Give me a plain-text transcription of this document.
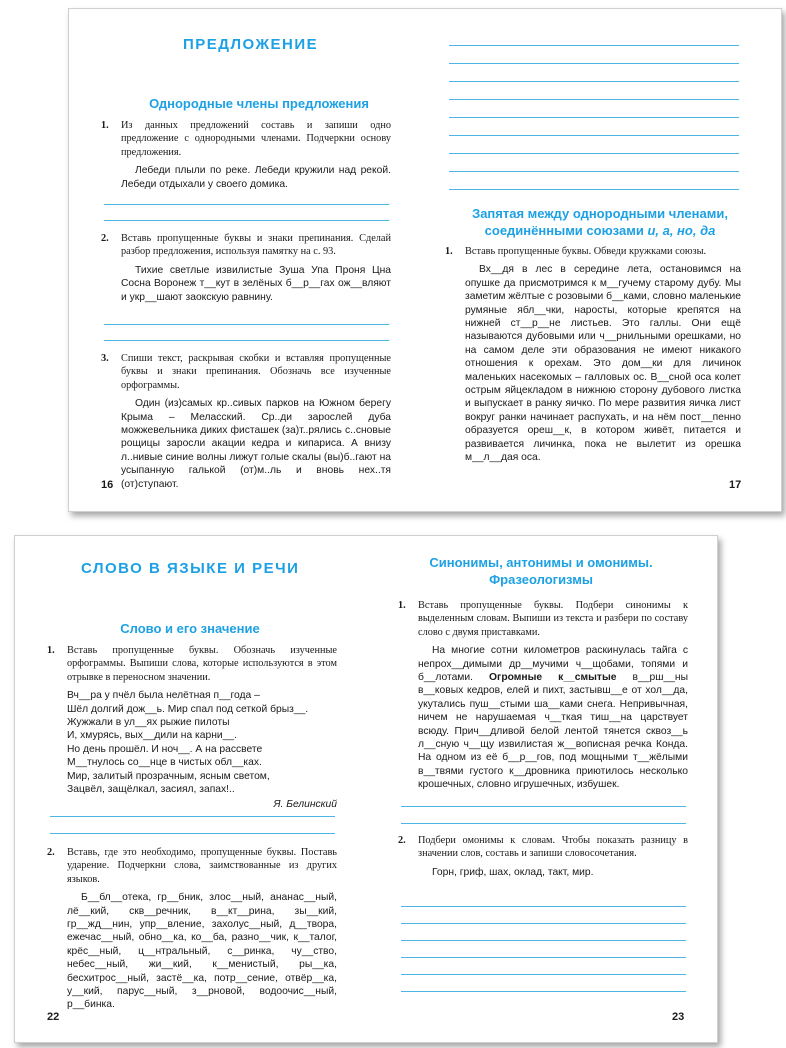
ПРЕДЛОЖЕНИЕ
Однородные члены предложения
1. Из данных предложений составь и запиши одно предложение с однородными членами. Подчеркни основу предложения.

Лебеди плыли по реке. Лебеди кружили над рекой. Лебеди отдыхали у своего домика.

2. Вставь пропущенные буквы и знаки препинания. Сделай разбор предложения, используя памятку на с. 93.

Тихие светлые извилистые Зуша Упа Проня Цна Сосна Воронеж т__кут в зелёных б__р__гах ож__вляют и укр__шают заокскую равнину.

3. Спиши текст, раскрывая скобки и вставляя пропущенные буквы и знаки препинания. Обозначь все изученные орфограммы.

Один (из)самых кр..сивых парков на Южном берегу Крыма – Меласский. Ср..ди зарослей дуба можжевельника диких фисташек (за)т..рялись с..сновые рощицы заросли акации кедра и кипариса. А внизу л..нивые синие волны лижут голые скалы (вы)б..гают на усыпанную галькой (от)м..ль и вновь нех..тя (от)ступают.

16
Запятая между однородными членами,
соединёнными союзами и, а, но, да
1. Вставь пропущенные буквы. Обведи кружками союзы.

Вх__дя в лес в середине лета, остановимся на опушке да присмотримся к м__гучему старому дубу. Мы заметим жёлтые с розовыми б__ками, словно маленькие румяные ябл__чки, наросты, которые крепятся на нижней ст__р__не листьев. Это галлы. Они ещё называются дубовыми или ч__рнильными орешками, но на самом деле эти образования не имеют никакого отношения к орехам. Это дом__ки для личинок маленьких насекомых – галловых ос. В__сной оса колет острым яйцекладом в нижнюю сторону дубового листка и выпускает в ранку яичко. По мере развития яичка лист вокруг ранки начинает распухать, и на нём пост__пенно образуется ореш__к, в котором живёт, питается и развивается личинка, пока не вылетит из орешка м__л__дая оса.

17
СЛОВО В ЯЗЫКЕ И РЕЧИ
Слово и его значение
1. Вставь пропущенные буквы. Обозначь изученные орфограммы. Выпиши слова, которые используются в этом отрывке в переносном значении.
Вч__ра у пчёл была нелётная п__года –
Шёл долгий дож__ь. Мир спал под сеткой брыз__.
Жужжали в ул__ях рыжие пилоты
И, хмурясь, вых__дили на карни__.
Но день прошёл. И ноч__. А на рассвете
М__тнулось со__нце в чистых обл__ках.
Мир, залитый прозрачным, ясным светом,
Зацвёл, защёлкал, засиял, запах!..
Я. Белинский
2. Вставь, где это необходимо, пропущенные буквы. Поставь ударение. Подчеркни слова, заимствованные из других языков.

Б__бл__отека, гр__бник, злос__ный, ананас__ный, лё__кий, скв__речник, в__кт__рина, зы__кий, гр__жд__нин, упр__вление, захолус__ный, д__твора, ежечас__ный, обно__ка, ко__ба, разно__чик, к__талог, крёс__ный, ц__нтральный, с__ринка, чу__ство, небес__ный, жи__кий, к__менистый, ры__ка, бесхитрос__ный, застё__ка, потр__сение, отвёр__ка, у__кий, парус__ный, з__рновой, водоочис__ный, р__бинка.

22
Синонимы, антонимы и омонимы.
Фразеологизмы
1. Вставь пропущенные буквы. Подбери синонимы к выделенным словам. Выпиши из текста и разбери по составу слово с двумя приставками.

На многие сотни километров раскинулась тайга с непрох__димыми др__мучими ч__щобами, топями и б__лотами. Огромные к__смытые в__рш__ны в__ковых кедров, елей и пихт, застывш__е от хол__да, укутались пуш__стыми ша__ками снега. Непривычная, ничем не нарушаемая ч__ткая тиш__на царствует всюду. Прич__дливой белой лентой тянется сквоз__ь л__сную ч__щу извилистая ж__вописная речка Конда. На одном из её б__р__гов, под мощными т__жёлыми в__твями густого к__дровника приютилось несколько крошечных, словно игрушечных, избушек.

2. Подбери омонимы к словам. Чтобы показать разницу в значении слов, составь и запиши словосочетания.

Горн, гриф, шах, оклад, такт, мир.

23
